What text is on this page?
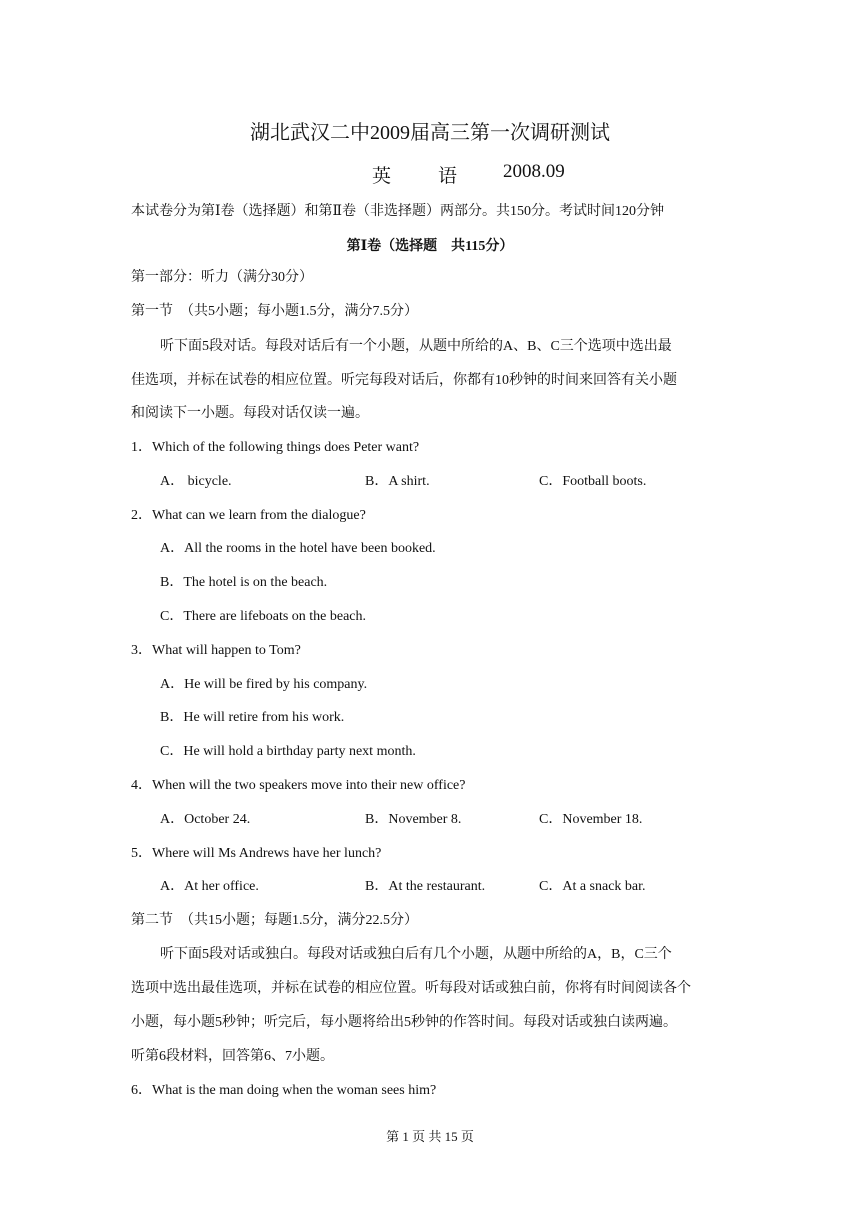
湖北武汉二中2009届高三第一次调研测试
英　语 2008.09
本试卷分为第Ⅰ卷（选择题）和第Ⅱ卷（非选择题）两部分。共150分。考试时间120分钟
第Ⅰ卷（选择题　共115分）
第一部分：听力（满分30分）
第一节　（共5小题；每小题1.5分，满分7.5分）
听下面5段对话。每段对话后有一个小题，从题中所给的A、B、C三个选项中选出最
佳选项，并标在试卷的相应位置。听完每段对话后，你都有10秒钟的时间来回答有关小题
和阅读下一小题。每段对话仅读一遍。
1．Which of the following things does Peter want?
A． bicycle.	B．A shirt.	C．Football boots.
2．What can we learn from the dialogue?
A．All the rooms in the hotel have been booked.
B．The hotel is on the beach.
C．There are lifeboats on the beach.
3．What will happen to Tom?
A．He will be fired by his company.
B．He will retire from his work.
C．He will hold a birthday party next month.
4．When will the two speakers move into their new office?
A．October 24.	B．November 8.	C．November 18.
5．Where will Ms Andrews have her lunch?
A．At her office.	B．At the restaurant.	C．At a snack bar.
第二节　（共15小题；每题1.5分，满分22.5分）
听下面5段对话或独白。每段对话或独白后有几个小题，从题中所给的A，B，C三个
选项中选出最佳选项，并标在试卷的相应位置。听每段对话或独白前，你将有时间阅读各个
小题，每小题5秒钟；听完后，每小题将给出5秒钟的作答时间。每段对话或独白读两遍。
听第6段材料，回答第6、7小题。
6．What is the man doing when the woman sees him?
第 1 页 共 15 页
